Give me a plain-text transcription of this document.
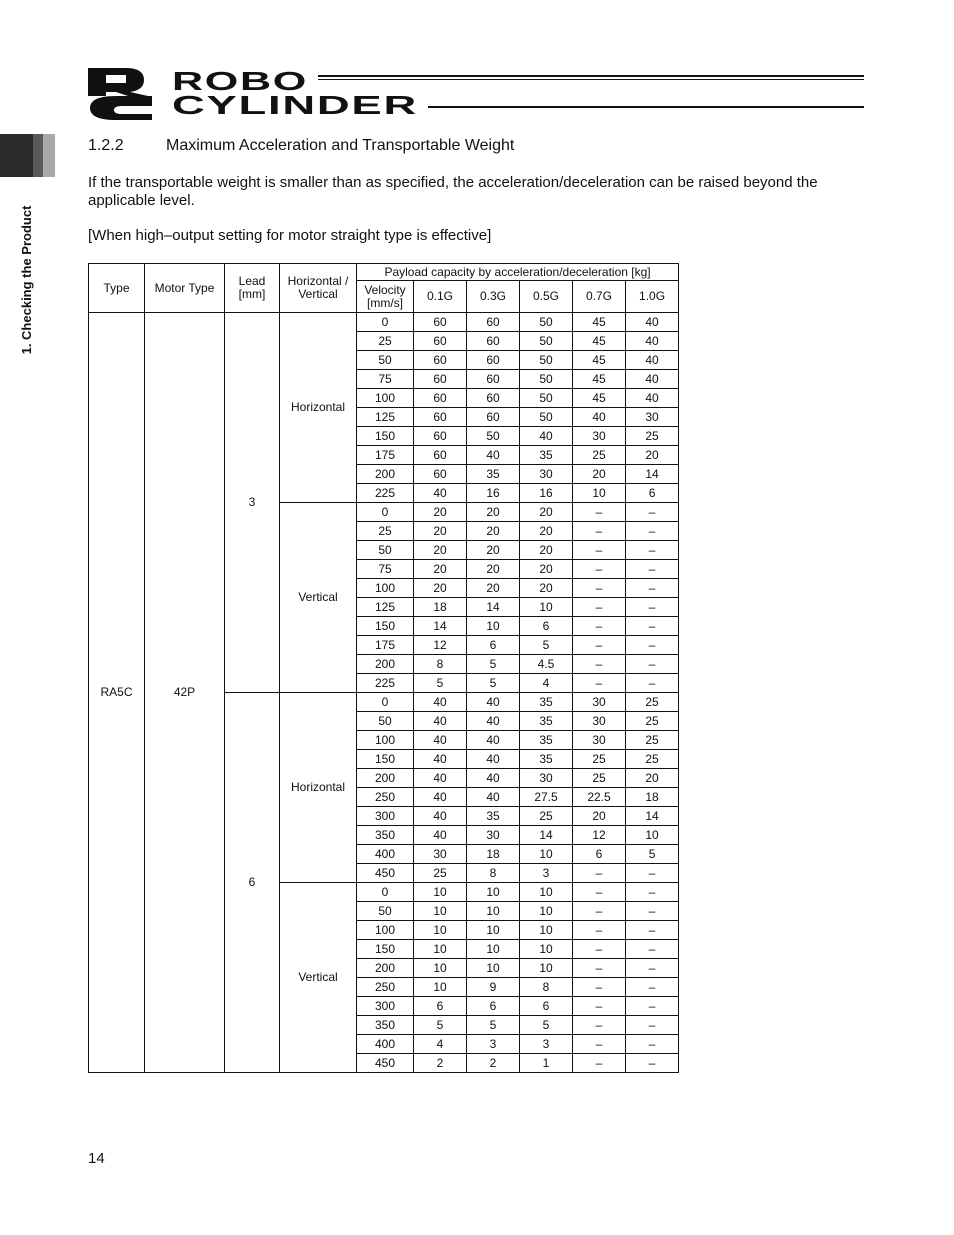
ROBO
CYLINDER
1. Checking the Product
1.2.2	Maximum Acceleration and Transportable Weight
If the transportable weight is smaller than as specified, the acceleration/deceleration can be raised beyond the applicable level.
[When high–output setting for motor straight type is effective]
Type	Motor Type	Lead [mm]	Horizontal / Vertical	Payload capacity by acceleration/deceleration [kg]					
				Velocity [mm/s]	0.1G	0.3G	0.5G	0.7G	1.0G
RA5C	42P	3	Horizontal	0	60	60	50	45	40
				25	60	60	50	45	40
				50	60	60	50	45	40
				75	60	60	50	45	40
				100	60	60	50	45	40
				125	60	60	50	40	30
				150	60	50	40	30	25
				175	60	40	35	25	20
				200	60	35	30	20	14
				225	40	16	16	10	6
			Vertical	0	20	20	20	–	–
				25	20	20	20	–	–
				50	20	20	20	–	–
				75	20	20	20	–	–
				100	20	20	20	–	–
				125	18	14	10	–	–
				150	14	10	6	–	–
				175	12	6	5	–	–
				200	8	5	4.5	–	–
				225	5	5	4	–	–
		6	Horizontal	0	40	40	35	30	25
				50	40	40	35	30	25
				100	40	40	35	30	25
				150	40	40	35	25	25
				200	40	40	30	25	20
				250	40	40	27.5	22.5	18
				300	40	35	25	20	14
				350	40	30	14	12	10
				400	30	18	10	6	5
				450	25	8	3	–	–
			Vertical	0	10	10	10	–	–
				50	10	10	10	–	–
				100	10	10	10	–	–
				150	10	10	10	–	–
				200	10	10	10	–	–
				250	10	9	8	–	–
				300	6	6	6	–	–
				350	5	5	5	–	–
				400	4	3	3	–	–
				450	2	2	1	–	–
14
